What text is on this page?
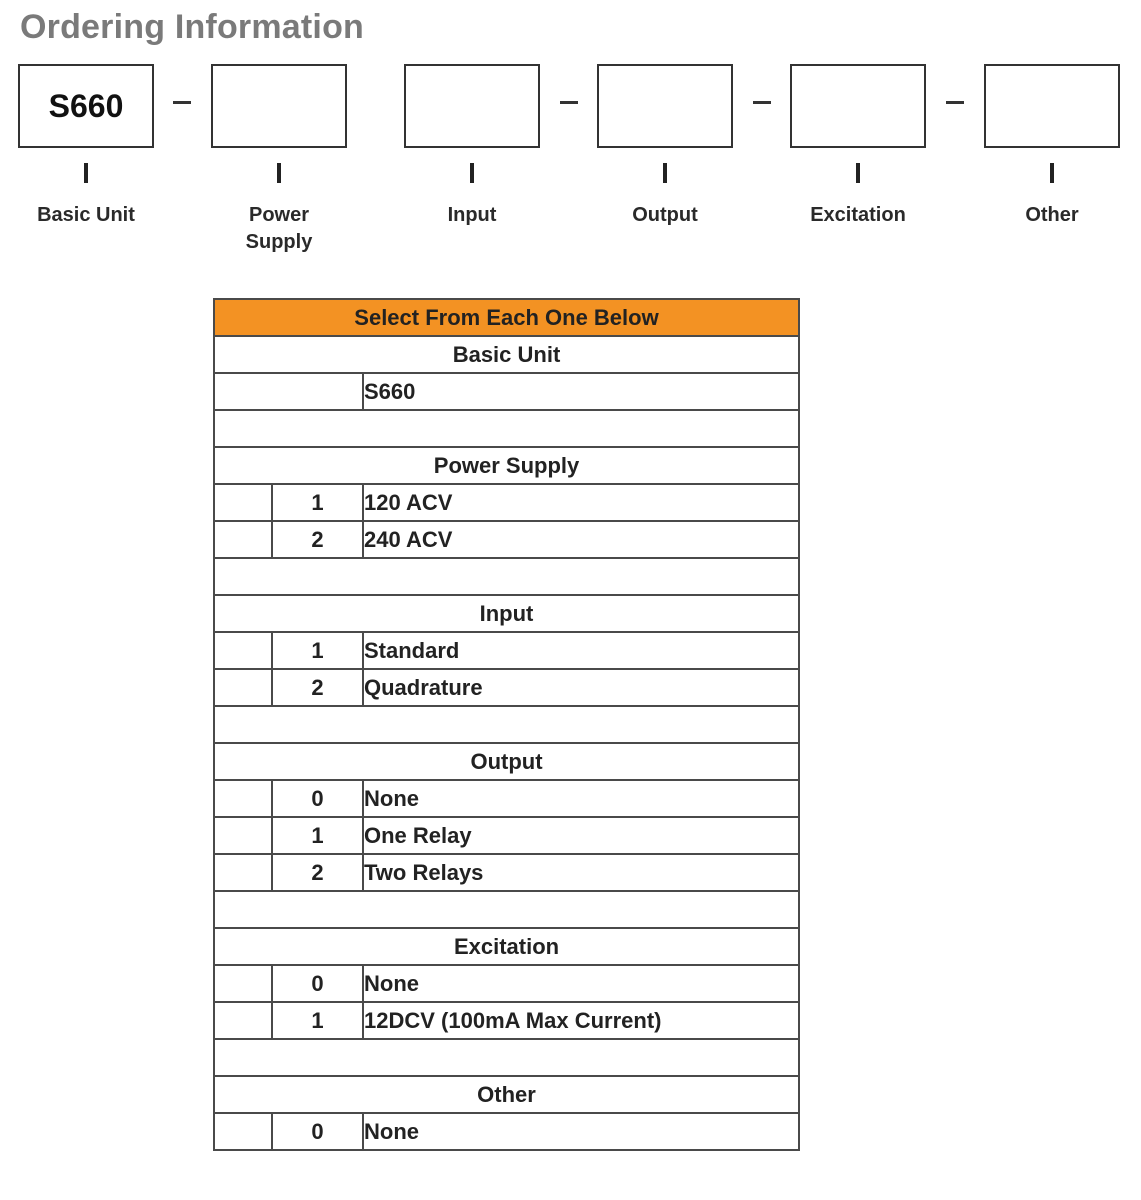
Ordering Information
S660
Basic Unit	Power
Supply
Input	Output	Excitation	Other
Select From Each One Below		
Basic Unit		
		S660

Power Supply		
	1	120 ACV
	2	240 ACV

Input		
	1	Standard
	2	Quadrature

Output		
	0	None
	1	One Relay
	2	Two Relays

Excitation		
	0	None
	1	12DCV (100mA Max Current)

Other		
	0	None
